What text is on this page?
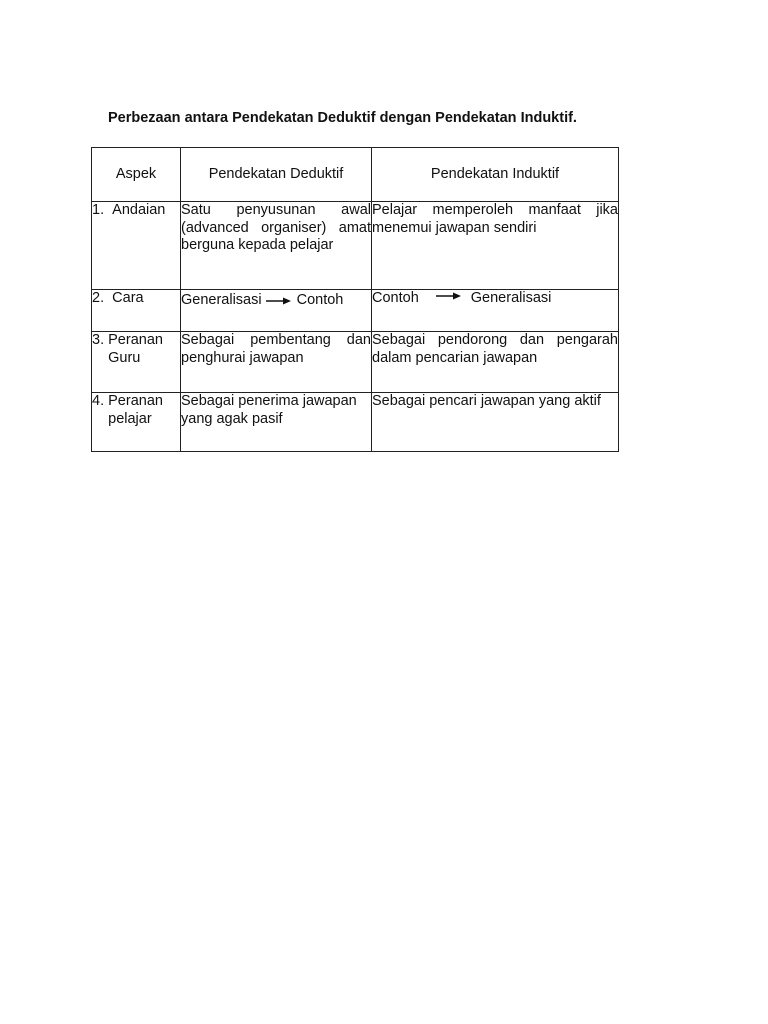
Perbezaan antara Pendekatan Deduktif dengan Pendekatan Induktif.
Aspek	Pendekatan Deduktif	Pendekatan Induktif

1.
Andaian	Satu penyusunan awal (advanced organiser) amat berguna kepada pelajar	Pelajar memperoleh manfaat jika menemui jawapan sendiri

2.
Cara	Generalisasi Contoh	Contoh Generalisasi

3.
Peranan Guru	Sebagai pembentang dan penghurai jawapan	Sebagai pendorong dan pengarah dalam pencarian jawapan

4.
Peranan pelajar	Sebagai penerima jawapan yang agak pasif	Sebagai pencari jawapan yang aktif
